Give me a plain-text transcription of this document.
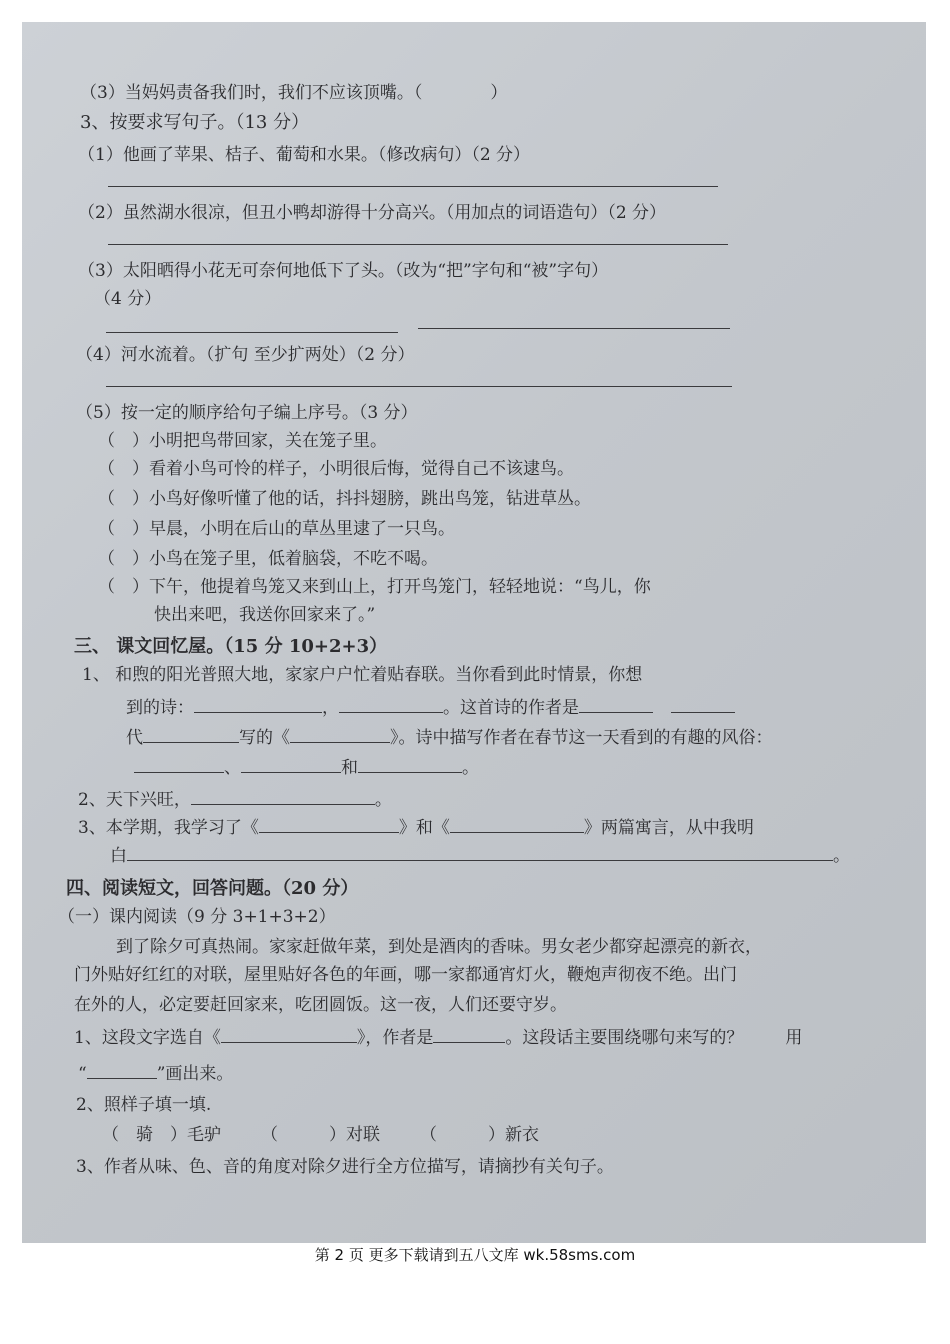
（3）当妈妈责备我们时，我们不应该顶嘴。（　　　　）
3、按要求写句子。（13 分）
（1）他画了苹果、桔子、葡萄和水果。（修改病句）（2 分）
（2）虽然湖水很凉，但丑小鸭却游得十分高兴。（用加点的词语造句）（2 分）
（3）太阳晒得小花无可奈何地低下了头。（改为“把”字句和“被”字句）
（4 分）
（4）河水流着。（扩句 至少扩两处）（2 分）
（5）按一定的顺序给句子编上序号。（3 分）
（　）小明把鸟带回家，关在笼子里。
（　）看着小鸟可怜的样子，小明很后悔，觉得自己不该逮鸟。
（　）小鸟好像听懂了他的话，抖抖翅膀，跳出鸟笼，钻进草丛。
（　）早晨，小明在后山的草丛里逮了一只鸟。
（　）小鸟在笼子里，低着脑袋，不吃不喝。
（　）下午，他提着鸟笼又来到山上，打开鸟笼门，轻轻地说：“鸟儿，你
快出来吧，我送你回家来了。”
三、 课文回忆屋。（15 分 10+2+3）
1、 和煦的阳光普照大地，家家户户忙着贴春联。当你看到此时情景，你想
到的诗：	，	。这首诗的作者是
代	写的《	》。诗中描写作者在春节这一天看到的有趣的风俗：
、	和	。
2、天下兴旺，	。
3、本学期，我学习了《	》和《	》两篇寓言，从中我明
白	。
四、阅读短文，回答问题。（20 分）
（一）课内阅读（9 分 3+1+3+2）
到了除夕可真热闹。家家赶做年菜，到处是酒肉的香味。男女老少都穿起漂亮的新衣，
门外贴好红红的对联，屋里贴好各色的年画，哪一家都通宵灯火，鞭炮声彻夜不绝。出门
在外的人，必定要赶回家来，吃团圆饭。这一夜，人们还要守岁。
1、这段文字选自《	》，作者是	。这段话主要围绕哪句来写的？ 用
“	”画出来。
2、照样子填一填.
（　骑　）毛驴 （　　　）对联 （　　　）新衣
3、作者从味、色、音的角度对除夕进行全方位描写，请摘抄有关句子。
第 2 页 更多下载请到五八文库 wk.58sms.com
